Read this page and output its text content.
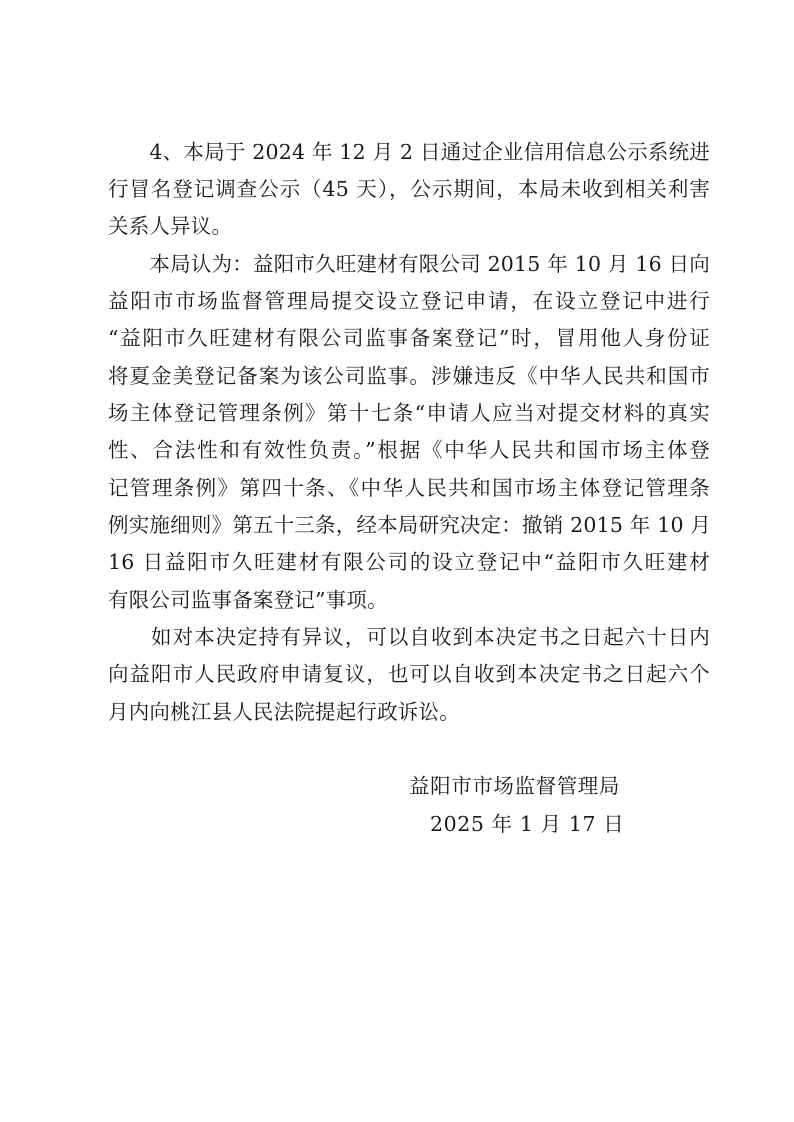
　　4、本局于 2024 年 12 月 2 日通过企业信用信息公示系统进
行冒名登记调查公示（45 天），公示期间，本局未收到相关利害
关系人异议。
　　本局认为：益阳市久旺建材有限公司 2015 年 10 月 16 日向
益阳市市场监督管理局提交设立登记申请，在设立登记中进行
“益阳市久旺建材有限公司监事备案登记”时，冒用他人身份证
将夏金美登记备案为该公司监事。涉嫌违反《中华人民共和国市
场主体登记管理条例》第十七条“申请人应当对提交材料的真实
性、合法性和有效性负责。”根据《中华人民共和国市场主体登
记管理条例》第四十条、《中华人民共和国市场主体登记管理条
例实施细则》第五十三条，经本局研究决定：撤销 2015 年 10 月
16 日益阳市久旺建材有限公司的设立登记中“益阳市久旺建材
有限公司监事备案登记”事项。
　　如对本决定持有异议，可以自收到本决定书之日起六十日内
向益阳市人民政府申请复议，也可以自收到本决定书之日起六个
月内向桃江县人民法院提起行政诉讼。
益阳市市场监督管理局
2025 年 1 月 17 日
